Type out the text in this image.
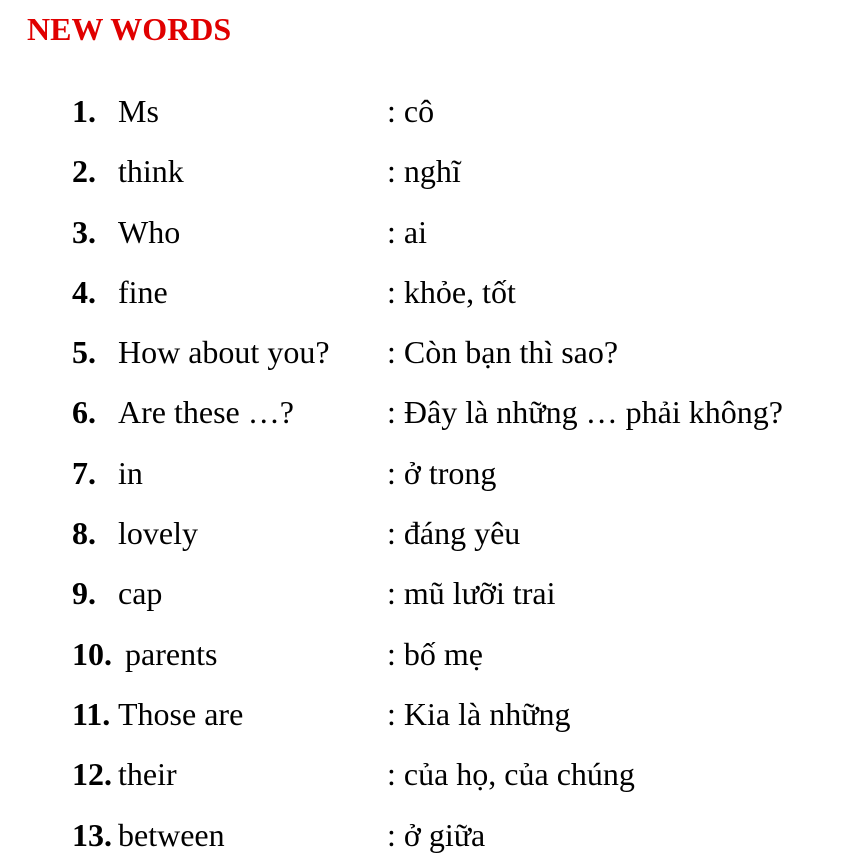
NEW WORDS
1. Ms	: cô
2. think	: nghĩ
3. Who	: ai
4. fine	: khỏe, tốt
5. How about you? : Còn bạn thì sao?
6. Are these …?	: Đây là những … phải không?
7. in	: ở trong
8. lovely	: đáng yêu
9. cap	: mũ lưỡi trai
10. parents	: bố mẹ
11. Those are	: Kia là những
12. their	: của họ, của chúng
13. between	: ở giữa
